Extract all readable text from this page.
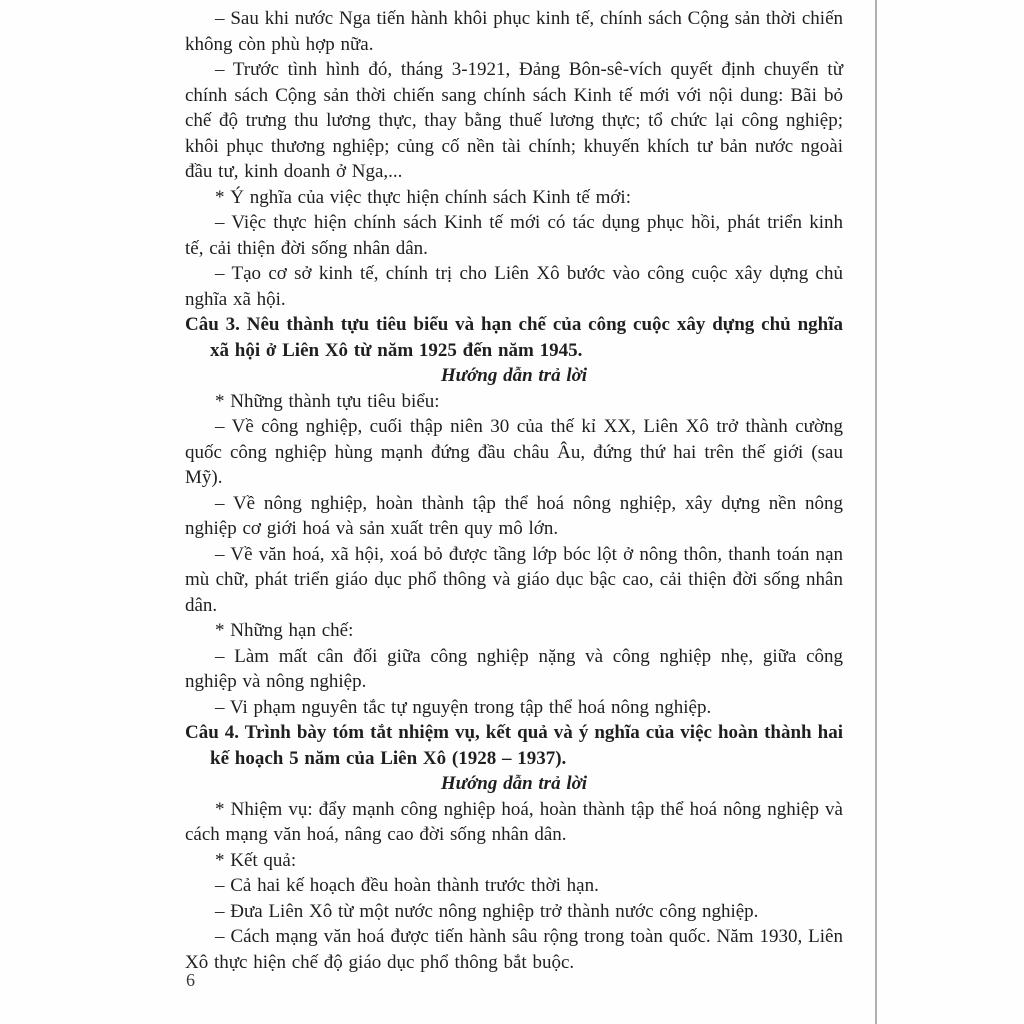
– Sau khi nước Nga tiến hành khôi phục kinh tế, chính sách Cộng sản thời chiến không còn phù hợp nữa.

– Trước tình hình đó, tháng 3-1921, Đảng Bôn-sê-vích quyết định chuyển từ chính sách Cộng sản thời chiến sang chính sách Kinh tế mới với nội dung: Bãi bỏ chế độ trưng thu lương thực, thay bằng thuế lương thực; tổ chức lại công nghiệp; khôi phục thương nghiệp; củng cố nền tài chính; khuyến khích tư bản nước ngoài đầu tư, kinh doanh ở Nga,...

* Ý nghĩa của việc thực hiện chính sách Kinh tế mới:

– Việc thực hiện chính sách Kinh tế mới có tác dụng phục hồi, phát triển kinh tế, cải thiện đời sống nhân dân.

– Tạo cơ sở kinh tế, chính trị cho Liên Xô bước vào công cuộc xây dựng chủ nghĩa xã hội.

Câu 3. Nêu thành tựu tiêu biểu và hạn chế của công cuộc xây dựng chủ nghĩa xã hội ở Liên Xô từ năm 1925 đến năm 1945.

Hướng dẫn trả lời

* Những thành tựu tiêu biểu:

– Về công nghiệp, cuối thập niên 30 của thế kỉ XX, Liên Xô trở thành cường quốc công nghiệp hùng mạnh đứng đầu châu Âu, đứng thứ hai trên thế giới (sau Mỹ).

– Về nông nghiệp, hoàn thành tập thể hoá nông nghiệp, xây dựng nền nông nghiệp cơ giới hoá và sản xuất trên quy mô lớn.

– Về văn hoá, xã hội, xoá bỏ được tầng lớp bóc lột ở nông thôn, thanh toán nạn mù chữ, phát triển giáo dục phổ thông và giáo dục bậc cao, cải thiện đời sống nhân dân.

* Những hạn chế:

– Làm mất cân đối giữa công nghiệp nặng và công nghiệp nhẹ, giữa công nghiệp và nông nghiệp.

– Vi phạm nguyên tắc tự nguyện trong tập thể hoá nông nghiệp.

Câu 4. Trình bày tóm tắt nhiệm vụ, kết quả và ý nghĩa của việc hoàn thành hai kế hoạch 5 năm của Liên Xô (1928 – 1937).

Hướng dẫn trả lời

* Nhiệm vụ: đẩy mạnh công nghiệp hoá, hoàn thành tập thể hoá nông nghiệp và cách mạng văn hoá, nâng cao đời sống nhân dân.

* Kết quả:

– Cả hai kế hoạch đều hoàn thành trước thời hạn.

– Đưa Liên Xô từ một nước nông nghiệp trở thành nước công nghiệp.

– Cách mạng văn hoá được tiến hành sâu rộng trong toàn quốc. Năm 1930, Liên Xô thực hiện chế độ giáo dục phổ thông bắt buộc.

6
